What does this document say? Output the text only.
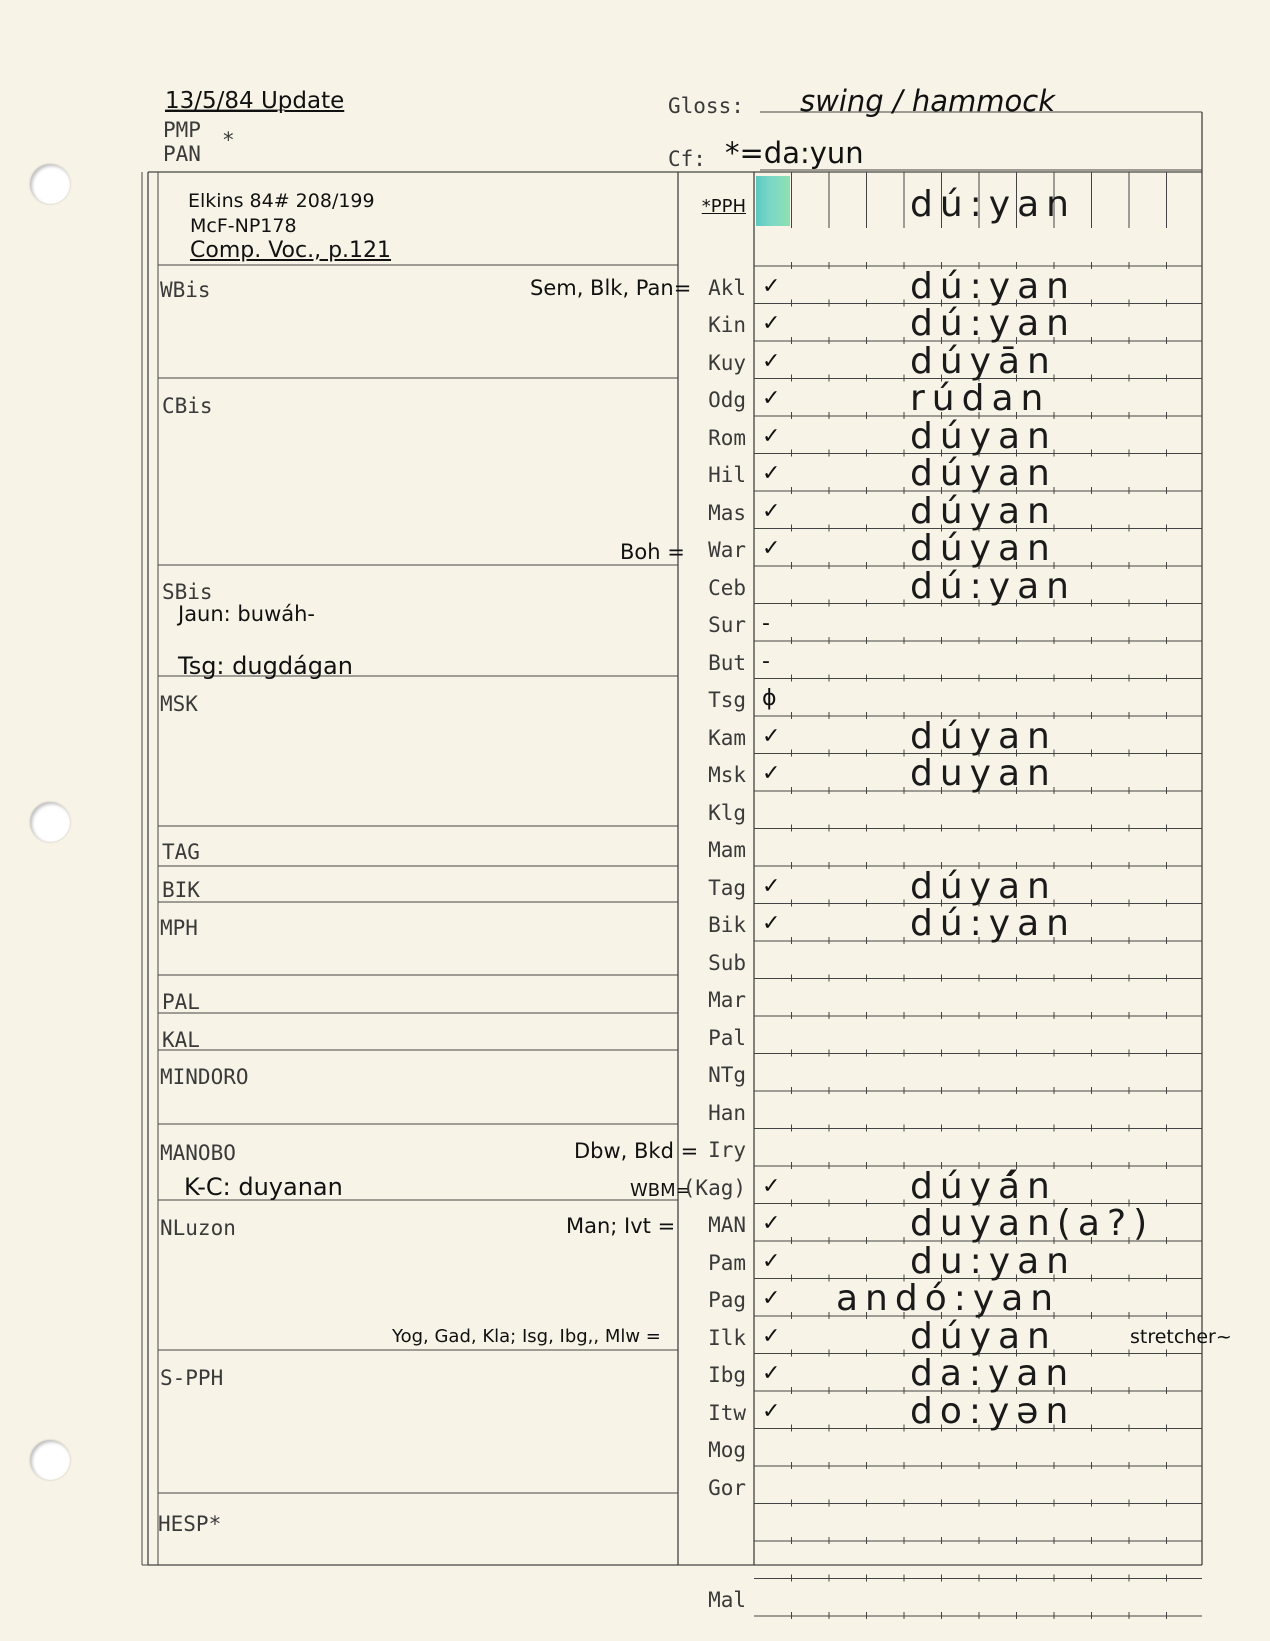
13/5/84 Update
PMP *
PAN
Gloss: swing / hammock
Cf: *=da:yun
Elkins 84# 208/199
McF-NP178
Comp. Voc., p.121
WBis	Sem, Blk, Pan=
CBis
Boh =
SBis
Jaun: buwáh-
Tsg: dugdágan
MSK
TAG
BIK
MPH
PAL
KAL
MINDORO
MANOBO	Dbw, Bkd =
K-C: duyanan	WBM=
NLuzon	Man; Ivt =
Yog, Gad, Kla; Isg, Ibg,, Mlw =
S-PPH
HESP*
*PPH	dú:yan
Akl ✓	dú:yan
Kin ✓	dú:yan
Kuy ✓	dúyān
Odg ✓	rúdan
Rom ✓	dúyan
Hil ✓	dúyan
Mas ✓	dúyan
War ✓	dúyan
Ceb	dú:yan
Sur -
But -
Tsg ɸ
Kam ✓	dúyan
Msk ✓	duyan
Klg
Mam
Tag ✓	dúyan
Bik ✓	dú:yan
Sub
Mar
Pal
NTg
Han
Iry
(Kag) ✓	dúyá́n
MAN ✓	duyan(a?)
Pam ✓	du:yan
Pag ✓ andó:yan
Ilk ✓	dúyan	stretcher~
Ibg ✓	da:yan
Itw ✓	do:yən
Mog
Gor
Mal
